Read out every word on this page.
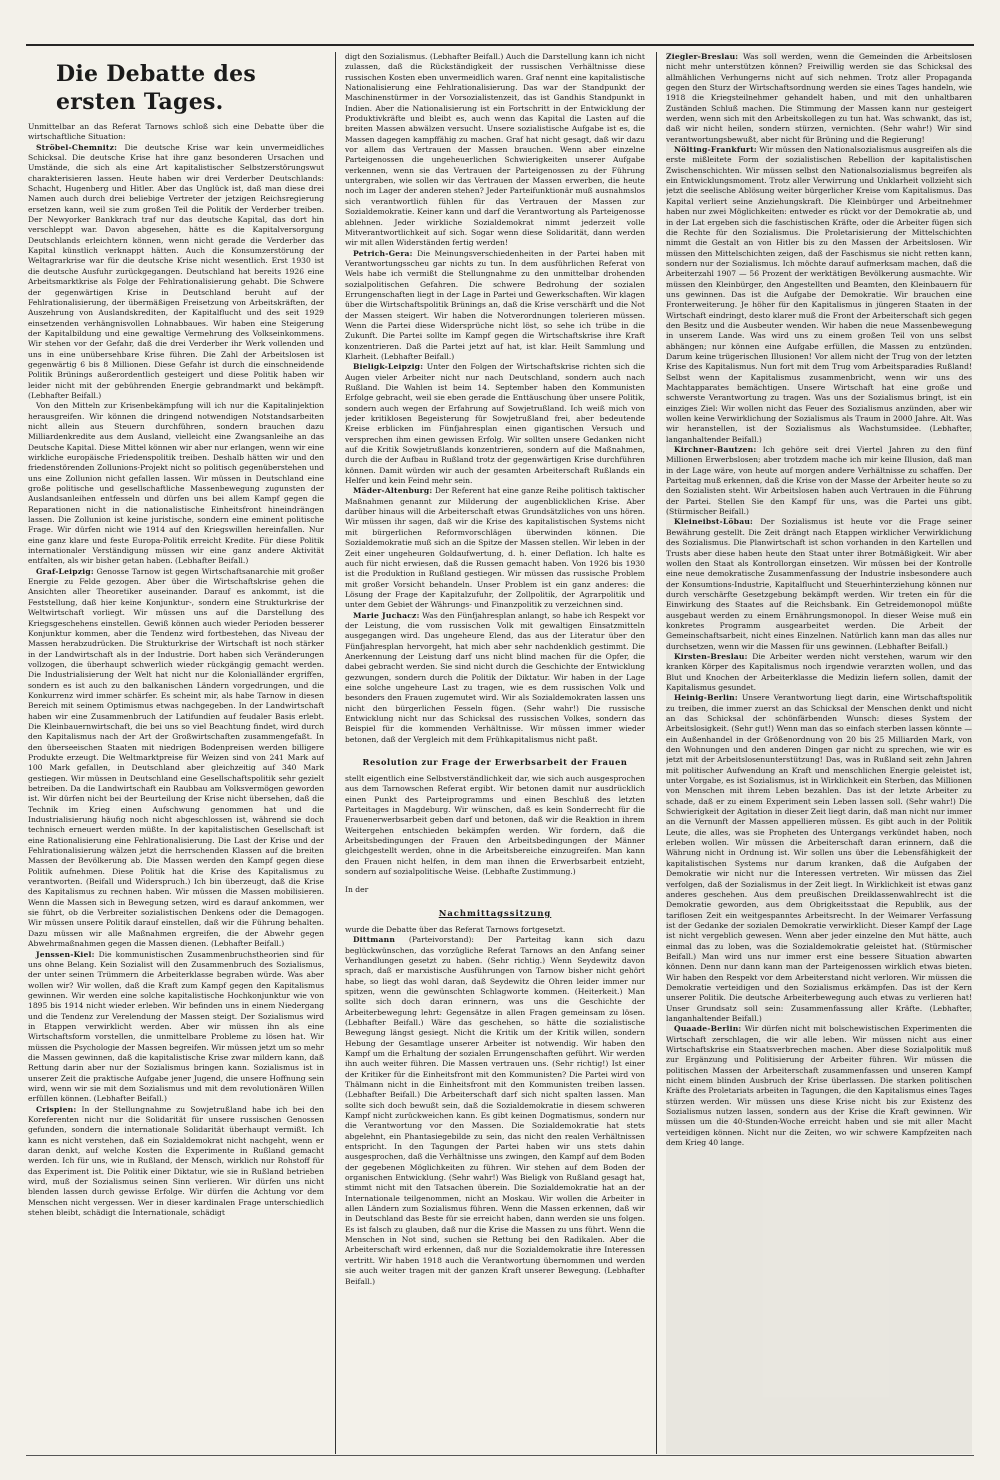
Die Debatte des ersten Tages.

Unmittelbar an das Referat Tarnows schloß sich eine Debatte über die wirtschaftliche Situation:

Ströbel-Chemnitz: Die deutsche Krise war kein unvermeidliches Schicksal. Die deutsche Krise hat ihre ganz besonderen Ursachen und Umstände, die sich als eine Art kapitalistischer Selbstzerstörungswut charakterisieren lassen. Heute haben wir drei Verderber Deutschlands: Schacht, Hugenberg und Hitler. Aber das Unglück ist, daß man diese drei Namen auch durch drei beliebige Vertreter der jetzigen Reichsregierung ersetzen kann, weil sie zum großen Teil die Politik der Verderber treiben. Der Newyorker Bankkrach traf nur das deutsche Kapital, das dort hin verschleppt war. Davon abgesehen, hätte es die Kapitalversorgung Deutschlands erleichtern können, wenn nicht gerade die Verderber das Kapital künstlich verknappt hätten. Auch die Konsumzerstörung der Weltagrarkrise war für die deutsche Krise nicht wesentlich. Erst 1930 ist die deutsche Ausfuhr zurückgegangen. Deutschland hat bereits 1926 eine Arbeitsmarktkrise als Folge der Fehlrationalisierung gehabt. Die Schwere der gegenwärtigen Krise in Deutschland beruht auf der Fehlrationalisierung, der übermäßigen Freisetzung von Arbeitskräften, der Auszehrung von Auslandskrediten, der Kapitalflucht und des seit 1929 einsetzenden verhängnisvollen Lohnabbaues. Wir haben eine Steigerung der Kapitalbildung und eine gewaltige Vermehrung des Volkseinkommens. Wir stehen vor der Gefahr, daß die drei Verderber ihr Werk vollenden und uns in eine unübersehbare Krise führen. Die Zahl der Arbeitslosen ist gegenwärtig 6 bis 8 Millionen. Diese Gefahr ist durch die einschneidende Politik Brünings außerordentlich gesteigert und diese Politik haben wir leider nicht mit der gebührenden Energie gebrandmarkt und bekämpft. (Lebhafter Beifall.)

Von den Mitteln zur Krisenbekämpfung will ich nur die Kapitalinjektion herausgreifen. Wir können die dringend notwendigen Notstandsarbeiten nicht allein aus Steuern durchführen, sondern brauchen dazu Milliardenkredite aus dem Ausland, vielleicht eine Zwangsanleihe an das Deutsche Kapital. Diese Mittel können wir aber nur erlangen, wenn wir eine wirkliche europäische Friedenspolitik treiben. Deshalb hätten wir und den friedenstörenden Zollunions-Projekt nicht so politisch gegenüberstehen und uns eine Zollunion nicht gefallen lassen. Wir müssen in Deutschland eine große politische und gesellschaftliche Massenbewegung zugunsten der Auslandsanleihen entfesseln und dürfen uns bei allem Kampf gegen die Reparationen nicht in die nationalistische Einheitsfront hineindrängen lassen. Die Zollunion ist keine juristische, sondern eine eminent politische Frage. Wir dürfen nicht wie 1914 auf den Kriegswillen hereinfallen. Nur eine ganz klare und feste Europa-Politik erreicht Kredite. Für diese Politik internationaler Verständigung müssen wir eine ganz andere Aktivität entfalten, als wir bisher getan haben. (Lebhafter Beifall.)

Graf-Leipzig: Genosse Tarnow ist gegen Wirtschaftsanarchie mit großer Energie zu Felde gezogen. Aber über die Wirtschaftskrise gehen die Ansichten aller Theoretiker auseinander. Darauf es ankommt, ist die Feststellung, daß hier keine Konjunktur-, sondern eine Strukturkrise der Weltwirtschaft vorliegt. Wir müssen uns auf die Darstellung des Kriegsgeschehens einstellen. Gewiß können auch wieder Perioden besserer Konjunktur kommen, aber die Tendenz wird fortbestehen, das Niveau der Massen herabzudrücken. Die Strukturkrise der Wirtschaft ist noch stärker in der Landwirtschaft als in der Industrie. Dort haben sich Veränderungen vollzogen, die überhaupt schwerlich wieder rückgängig gemacht werden. Die Industrialisierung der Welt hat nicht nur die Kolonialländer ergriffen, sondern es ist auch zu den balkanischen Ländern vorgedrungen, und die Konkurrenz wird immer schärfer. Es scheint mir, als habe Tarnow in diesen Bereich mit seinem Optimismus etwas nachgegeben. In der Landwirtschaft haben wir eine Zusammenbruch der Latifundien auf feudaler Basis erlebt. Die Kleinbauernwirtschaft, die bei uns so viel Beachtung findet, wird durch den Kapitalismus nach der Art der Großwirtschaften zusammengefaßt. In den überseeischen Staaten mit niedrigen Bodenpreisen werden billigere Produkte erzeugt. Die Weltmarktpreise für Weizen sind von 241 Mark auf 100 Mark gefallen, in Deutschland aber gleichzeitig auf 340 Mark gestiegen. Wir müssen in Deutschland eine Gesellschaftspolitik sehr gezielt betreiben. Da die Landwirtschaft ein Raubbau am Volksvermögen geworden ist. Wir dürfen nicht bei der Beurteilung der Krise nicht übersehen, daß die Technik im Krieg einen Aufschwung genommen hat und die Industrialisierung häufig noch nicht abgeschlossen ist, während sie doch technisch erneuert werden müßte. In der kapitalistischen Gesellschaft ist eine Rationalisierung eine Fehlrationalisierung. Die Last der Krise und der Fehlrationalisierung wälzen jetzt die herrschenden Klassen auf die breiten Massen der Bevölkerung ab. Die Massen werden den Kampf gegen diese Politik aufnehmen. Diese Politik hat die Krise des Kapitalismus zu verantworten. (Beifall und Widerspruch.) Ich bin überzeugt, daß die Krise des Kapitalismus zu rechnen haben. Wir müssen die Massen mobilisieren. Wenn die Massen sich in Bewegung setzen, wird es darauf ankommen, wer sie führt, ob die Verbreiter sozialistischen Denkens oder die Demagogen. Wir müssen unsere Politik darauf einstellen, daß wir die Führung behalten. Dazu müssen wir alle Maßnahmen ergreifen, die der Abwehr gegen Abwehrmaßnahmen gegen die Massen dienen. (Lebhafter Beifall.)

Jenssen-Kiel: Die kommunistischen Zusammenbruchstheorien sind für uns ohne Belang. Kein Sozialist will den Zusammenbruch des Sozialismus, der unter seinen Trümmern die Arbeiterklasse begraben würde. Was aber wollen wir? Wir wollen, daß die Kraft zum Kampf gegen den Kapitalismus gewinnen. Wir werden eine solche kapitalistische Hochkonjunktur wie von 1895 bis 1914 nicht wieder erleben. Wir befinden uns in einem Niedergang und die Tendenz zur Verelendung der Massen steigt. Der Sozialismus wird in Etappen verwirklicht werden. Aber wir müssen ihn als eine Wirtschaftsform vorstellen, die unmittelbare Probleme zu lösen hat. Wir müssen die Psychologie der Massen begreifen. Wir müssen jetzt um so mehr die Massen gewinnen, daß die kapitalistische Krise zwar mildern kann, daß Rettung darin aber nur der Sozialismus bringen kann. Sozialismus ist in unserer Zeit die praktische Aufgabe jener Jugend, die unsere Hoffnung sein wird, wenn wir sie mit dem Sozialismus und mit dem revolutionären Willen erfüllen können. (Lebhafter Beifall.)

Crispien: In der Stellungnahme zu Sowjetrußland habe ich bei den Koreferenten nicht nur die Solidarität für unsere russischen Genossen gefunden, sondern die internationale Solidarität überhaupt vermißt. Ich kann es nicht verstehen, daß ein Sozialdemokrat nicht nachgeht, wenn er daran denkt, auf welche Kosten die Experimente in Rußland gemacht werden. Ich für uns, wie in Rußland, der Mensch, wirklich nur Rohstoff für das Experiment ist. Die Politik einer Diktatur, wie sie in Rußland betrieben wird, muß der Sozialismus seinen Sinn verlieren. Wir dürfen uns nicht blenden lassen durch gewisse Erfolge. Wir dürfen die Achtung vor dem Menschen nicht vergessen. Wer in dieser kardinalen Frage unterschiedlich stehen bleibt, schädigt die Internationale, schädigt

digt den Sozialismus. (Lebhafter Beifall.) Auch die Darstellung kann ich nicht zulassen, daß die Rückständigkeit der russischen Verhältnisse diese russischen Kosten eben unvermeidlich waren. Graf nennt eine kapitalistische Nationalisierung eine Fehlrationalisierung. Das war der Standpunkt der Maschinenstürmer in der Vorsozialistenzeit, das ist Gandhis Standpunkt in Indien. Aber die Nationalisierung ist ein Fortschritt in der Entwicklung der Produktivkräfte und bleibt es, auch wenn das Kapital die Lasten auf die breiten Massen abwälzen versucht. Unsere sozialistische Aufgabe ist es, die Massen dagegen kampffähig zu machen. Graf hat nicht gesagt, daß wir dazu vor allem das Vertrauen der Massen brauchen. Wenn aber einzelne Parteigenossen die ungeheuerlichen Schwierigkeiten unserer Aufgabe verkennen, wenn sie das Vertrauen der Parteigenossen zu der Führung untergraben, wie sollen wir das Vertrauen der Massen erwerben, die heute noch im Lager der anderen stehen? Jeder Parteifunktionär muß ausnahmslos sich verantwortlich fühlen für das Vertrauen der Massen zur Sozialdemokratie. Keiner kann und darf die Verantwortung als Parteigenosse ablehnen. Jeder wirkliche Sozialdemokrat nimmt jederzeit volle Mitverantwortlichkeit auf sich. Sogar wenn diese Solidarität, dann werden wir mit allen Widerständen fertig werden!

Petrich-Gera: Die Meinungsverschiedenheiten in der Partei haben mit Verantwortungsscheu gar nichts zu tun. In dem ausführlichen Referat von Wels habe ich vermißt die Stellungnahme zu den unmittelbar drohenden sozialpolitischen Gefahren. Die schwere Bedrohung der sozialen Errungenschaften liegt in der Lage in Partei und Gewerkschaften. Wir klagen über die Wirtschaftspolitik Brünings an, daß die Krise verschärft und die Not der Massen steigert. Wir haben die Notverordnungen tolerieren müssen. Wenn die Partei diese Widersprüche nicht löst, so sehe ich trübe in die Zukunft. Die Partei sollte im Kampf gegen die Wirtschaftskrise ihre Kraft konzentrieren. Daß die Partei jetzt auf hat, ist klar. Heilt Sammlung und Klarheit. (Lebhafter Beifall.)

Bieligk-Leipzig: Unter den Folgen der Wirtschaftskrise richten sich die Augen vieler Arbeiter nicht nur nach Deutschland, sondern auch nach Rußland. Die Wahlen ist beim 14. September haben den Kommunisten Erfolge gebracht, weil sie eben gerade die Enttäuschung über unsere Politik, sondern auch wegen der Erfahrung auf Sowjetrußland. Ich weiß mich von jeder kritiklosen Begeisterung für Sowjetrußland frei, aber bedeutende Kreise erblicken im Fünfjahresplan einen gigantischen Versuch und versprechen ihm einen gewissen Erfolg. Wir sollten unsere Gedanken nicht auf die Kritik Sowjetrußlands konzentrieren, sondern auf die Maßnahmen, durch die der Aufbau in Rußland trotz der gegenwärtigen Krise durchführen können. Damit würden wir auch der gesamten Arbeiterschaft Rußlands ein Helfer und kein Feind mehr sein.

Mäder-Altenburg: Der Referent hat eine ganze Reihe politisch taktischer Maßnahmen genannt zur Milderung der augenblicklichen Krise. Aber darüber hinaus will die Arbeiterschaft etwas Grundsätzliches von uns hören. Wir müssen ihr sagen, daß wir die Krise des kapitalistischen Systems nicht mit bürgerlichen Reformvorschlägen überwinden können. Die Sozialdemokratie muß sich an die Spitze der Massen stellen. Wir leben in der Zeit einer ungeheuren Goldaufwertung, d. h. einer Deflation. Ich halte es auch für nicht erwiesen, daß die Russen gemacht haben. Von 1926 bis 1930 ist die Produktion in Rußland gestiegen. Wir müssen das russische Problem mit großer Vorsicht behandeln. Unser Problem ist ein ganz anderes: die Lösung der Frage der Kapitalzufuhr, der Zollpolitik, der Agrarpolitik und unter dem Gebiet der Währungs- und Finanzpolitik zu verzeichnen sind.

Marie Juchacz: Was den Fünfjahresplan anlangt, so habe ich Respekt vor der Leistung, die vom russischen Volk mit gewaltigen Einsatzmitteln ausgegangen wird. Das ungeheure Elend, das aus der Literatur über den Fünfjahresplan hervorgeht, hat mich aber sehr nachdenklich gestimmt. Die Anerkennung der Leistung darf uns nicht blind machen für die Opfer, die dabei gebracht werden. Sie sind nicht durch die Geschichte der Entwicklung gezwungen, sondern durch die Politik der Diktatur. Wir haben in der Lage eine solche ungeheure Last zu tragen, wie es dem russischen Volk und besonders den Frauen zugemutet wird. Wir als Sozialdemokraten lassen uns nicht den bürgerlichen Fesseln fügen. (Sehr wahr!) Die russische Entwicklung nicht nur das Schicksal des russischen Volkes, sondern das Beispiel für die kommenden Verhältnisse. Wir müssen immer wieder betonen, daß der Vergleich mit dem Frühkapitalismus nicht paßt.

Resolution zur Frage der Erwerbsarbeit der Frauen

stellt eigentlich eine Selbstverständlichkeit dar, wie sich auch ausgesprochen aus dem Tarnowschen Referat ergibt. Wir betonen damit nur ausdrücklich einen Punkt des Parteiprogramms und einen Beschluß des letzten Parteitages in Magdeburg. Wir wünschen, daß es kein Sonderrecht für die Frauenerwerbsarbeit geben darf und betonen, daß wir die Reaktion in ihrem Weitergehen entschieden bekämpfen werden. Wir fordern, daß die Arbeitsbedingungen der Frauen den Arbeitsbedingungen der Männer gleichgestellt werden, ohne in die Arbeitsbereiche einzugreifen. Man kann den Frauen nicht helfen, in dem man ihnen die Erwerbsarbeit entzieht, sondern auf sozialpolitische Weise. (Lebhafte Zustimmung.)

In der

Nachmittagssitzung

wurde die Debatte über das Referat Tarnows fortgesetzt.

Dittmann (Parteivorstand): Der Parteitag kann sich dazu beglückwünschen, das vorzügliche Referat Tarnows an den Anfang seiner Verhandlungen gesetzt zu haben. (Sehr richtig.) Wenn Seydewitz davon sprach, daß er marxistische Ausführungen von Tarnow bisher nicht gehört habe, so liegt das wohl daran, daß Seydewitz die Ohren leider immer nur spitzen, wenn die gewünschten Schlagworte kommen. (Heiterkeit.) Man sollte sich doch daran erinnern, was uns die Geschichte der Arbeiterbewegung lehrt: Gegensätze in allen Fragen gemeinsam zu lösen. (Lebhafter Beifall.) Wäre das geschehen, so hätte die sozialistische Bewegung längst gesiegt. Nicht die Kritik um der Kritik willen, sondern Hebung der Gesamtlage unserer Arbeiter ist notwendig. Wir haben den Kampf um die Erhaltung der sozialen Errungenschaften geführt. Wir werden ihn auch weiter führen. Die Massen vertrauen uns. (Sehr richtig!) Ist einer der Kritiker für die Einheitsfront mit den Kommunisten? Die Partei wird von Thälmann nicht in die Einheitsfront mit den Kommunisten treiben lassen. (Lebhafter Beifall.) Die Arbeiterschaft darf sich nicht spalten lassen. Man sollte sich doch bewußt sein, daß die Sozialdemokratie in diesem schweren Kampf nicht zurückweichen kann. Es gibt keinen Dogmatismus, sondern nur die Verantwortung vor den Massen. Die Sozialdemokratie hat stets abgelehnt, ein Phantasiegebilde zu sein, das nicht den realen Verhältnissen entspricht. In den Tagungen der Partei haben wir uns stets dahin ausgesprochen, daß die Verhältnisse uns zwingen, den Kampf auf dem Boden der gegebenen Möglichkeiten zu führen. Wir stehen auf dem Boden der organischen Entwicklung. (Sehr wahr!) Was Bieligk von Rußland gesagt hat, stimmt nicht mit den Tatsachen überein. Die Sozialdemokratie hat an der Internationale teilgenommen, nicht an Moskau. Wir wollen die Arbeiter in allen Ländern zum Sozialismus führen. Wenn die Massen erkennen, daß wir in Deutschland das Beste für sie erreicht haben, dann werden sie uns folgen. Es ist falsch zu glauben, daß nur die Krise die Massen zu uns führt. Wenn die Menschen in Not sind, suchen sie Rettung bei den Radikalen. Aber die Arbeiterschaft wird erkennen, daß nur die Sozialdemokratie ihre Interessen vertritt. Wir haben 1918 auch die Verantwortung übernommen und werden sie auch weiter tragen mit der ganzen Kraft unserer Bewegung. (Lebhafter Beifall.)

Ziegler-Breslau: Was soll werden, wenn die Gemeinden die Arbeitslosen nicht mehr unterstützen können? Freiwillig werden sie das Schicksal des allmählichen Verhungerns nicht auf sich nehmen. Trotz aller Propaganda gegen den Sturz der Wirtschaftsordnung werden sie eines Tages handeln, wie 1918 die Kriegsteilnehmer gehandelt haben, und mit den unhaltbaren Zuständen Schluß machen. Die Stimmung der Massen kann nur gesteigert werden, wenn sich mit den Arbeitskollegen zu tun hat. Was schwankt, das ist, daß wir nicht heilen, sondern stürzen, vernichten. (Sehr wahr!) Wir sind verantwortungsbewußt, aber nicht für Brüning und die Regierung!

Nölting-Frankfurt: Wir müssen den Nationalsozialismus ausgreifen als die erste mißleitete Form der sozialistischen Rebellion der kapitalistischen Zwischenschichten. Wir müssen selbst den Nationalsozialismus begreifen als ein Entwicklungsmoment. Trotz aller Verwirrung und Unklarheit vollzieht sich jetzt die seelische Ablösung weiter bürgerlicher Kreise vom Kapitalismus. Das Kapital verliert seine Anziehungskraft. Die Kleinbürger und Arbeitnehmer haben nur zwei Möglichkeiten: entweder es rückt vor der Demokratie ab, und in der Lat ergeben sich die faschistischen Kräfte, oder die Arbeiter fügen sich die Rechte für den Sozialismus. Die Proletarisierung der Mittelschichten nimmt die Gestalt an von Hitler bis zu den Massen der Arbeitslosen. Wir müssen den Mittelschichten zeigen, daß der Faschismus sie nicht retten kann, sondern nur der Sozialismus. Ich möchte darauf aufmerksam machen, daß die Arbeiterzahl 1907 — 56 Prozent der werktätigen Bevölkerung ausmachte. Wir müssen den Kleinbürger, den Angestellten und Beamten, den Kleinbauern für uns gewinnen. Das ist die Aufgabe der Demokratie. Wir brauchen eine Fronterweiterung. Je höher für den Kapitalismus in jüngeren Staaten in der Wirtschaft eindringt, desto klarer muß die Front der Arbeiterschaft sich gegen den Besitz und die Ausbeuter wenden. Wir haben die neue Massenbewegung in unserem Lande. Was wird uns zu einem großen Teil von uns selbst abhängen; nur können eine Aufgabe erfüllen, die Massen zu entzünden. Darum keine trügerischen Illusionen! Vor allem nicht der Trug von der letzten Krise des Kapitalismus. Nun fort mit dem Trug vom Arbeitsparadies Rußland! Selbst wenn der Kapitalismus zusammenbricht, wenn wir uns des Machtapparates bemächtigen. Unsere Wirtschaft hat eine große und schwerste Verantwortung zu tragen. Was uns der Sozialismus bringt, ist ein einziges Ziel: Wir wollen nicht das Feuer des Sozialismus anzünden, aber wir wollen keine Verwirklichung der Sozialismus als Traum in 2000 Jahre. Alt. Was wir heranstellen, ist der Sozialismus als Wachstumsidee. (Lebhafter, langanhaltender Beifall.)

Kirchner-Bautzen: Ich gehöre seit drei Viertel Jahren zu den fünf Millionen Erwerbslosen; aber trotzdem mache ich mir keine Illusion, daß man in der Lage wäre, von heute auf morgen andere Verhältnisse zu schaffen. Der Parteitag muß erkennen, daß die Krise von der Masse der Arbeiter heute so zu den Sozialisten steht. Wir Arbeitslosen haben auch Vertrauen in die Führung der Partei. Stellen Sie den Kampf für uns, was die Partei uns gibt. (Stürmischer Beifall.)

Kleineibst-Löbau: Der Sozialismus ist heute vor die Frage seiner Bewährung gestellt. Die Zeit drängt nach Etappen wirklicher Verwirklichung des Sozialismus. Die Planwirtschaft ist schon vorhanden in den Kartellen und Trusts aber diese haben heute den Staat unter ihrer Botmäßigkeit. Wir aber wollen den Staat als Kontrollorgan einsetzen. Wir müssen bei der Kontrolle eine neue demokratische Zusammenfassung der Industrie insbesondere auch der Konsumtions-Industrie, Kapitalflucht und Steuerhinterziehung können nur durch verschärfte Gesetzgebung bekämpft werden. Wir treten ein für die Einwirkung des Staates auf die Reichsbank. Ein Getreidemonopol müßte ausgebaut werden zu einem Ernährungsmonopol. In dieser Weise muß ein konkretes Programm ausgearbeitet werden. Die Arbeit der Gemeinschaftsarbeit, nicht eines Einzelnen. Natürlich kann man das alles nur durchsetzen, wenn wir die Massen für uns gewinnen. (Lebhafter Beifall.)

Kirsten-Breslau: Die Arbeiter werden nicht verstehen, warum wir den kranken Körper des Kapitalismus noch irgendwie verarzten wollen, und das Blut und Knochen der Arbeiterklasse die Medizin liefern sollen, damit der Kapitalismus gesundet.

Heinig-Berlin: Unsere Verantwortung liegt darin, eine Wirtschaftspolitik zu treiben, die immer zuerst an das Schicksal der Menschen denkt und nicht an das Schicksal der schönfärbenden Wunsch: dieses System der Arbeitslosigkeit. (Sehr gut!) Wenn man das so einfach sterben lassen könnte — ein Außenhandel in der Größenordnung von 20 bis 25 Milliarden Mark, von den Wohnungen und den anderen Dingen gar nicht zu sprechen, wie wir es jetzt mit der Arbeitslosenunterstützung! Das, was in Rußland seit zehn Jahren mit politischer Aufwendung an Kraft und menschlichen Energie geleistet ist, unter Vorgabe, es ist Sozialismus, ist in Wirklichkeit ein Sterben, das Millionen von Menschen mit ihrem Leben bezahlen. Das ist der letzte Arbeiter zu schade, daß er zu einem Experiment sein Leben lassen soll. (Sehr wahr!) Die Schwierigkeit der Agitation in dieser Zeit liegt darin, daß man nicht nur immer an die Vernunft der Massen appellieren müssen. Es gibt auch in der Politik Leute, die alles, was sie Propheten des Untergangs verkündet haben, noch erleben wollen. Wir müssen die Arbeiterschaft daran erinnern, daß die Währung nicht in Ordnung ist. Wir sollen uns über die Lebensfähigkeit der kapitalistischen Systems nur darum kranken, daß die Aufgaben der Demokratie wir nicht nur die Interessen vertreten. Wir müssen das Ziel verfolgen, daß der Sozialismus in der Zeit liegt. In Wirklichkeit ist etwas ganz anderes geschehen. Aus dem preußischen Dreiklassenwahlrecht ist die Demokratie geworden, aus dem Obrigkeitsstaat die Republik, aus der tariflosen Zeit ein weitgespanntes Arbeitsrecht. In der Weimarer Verfassung ist der Gedanke der sozialen Demokratie verwirklicht. Dieser Kampf der Lage ist nicht vergeblich gewesen. Wenn aber jeder einzelne den Mut hätte, auch einmal das zu loben, was die Sozialdemokratie geleistet hat. (Stürmischer Beifall.) Man wird uns nur immer erst eine bessere Situation abwarten können. Denn nur dann kann man der Parteigenossen wirklich etwas bieten. Wir haben den Respekt vor dem Arbeiterstand nicht verloren. Wir müssen die Demokratie verteidigen und den Sozialismus erkämpfen. Das ist der Kern unserer Politik. Die deutsche Arbeiterbewegung auch etwas zu verlieren hat! Unser Grundsatz soll sein: Zusammenfassung aller Kräfte. (Lebhafter, langanhaltender Beifall.)

Quaade-Berlin: Wir dürfen nicht mit bolschewistischen Experimenten die Wirtschaft zerschlagen, die wir alle leben. Wir müssen nicht aus einer Wirtschaftskrise ein Staatsverbrechen machen. Aber diese Sozialpolitik muß zur Ergänzung und Politisierung der Arbeiter führen. Wir müssen die politischen Massen der Arbeiterschaft zusammenfassen und unseren Kampf nicht einem blinden Ausbruch der Krise überlassen. Die starken politischen Kräfte des Proletariats arbeiten in Tagungen, die den Kapitalismus eines Tages stürzen werden. Wir müssen uns diese Krise nicht bis zur Existenz des Sozialismus nutzen lassen, sondern aus der Krise die Kraft gewinnen. Wir müssen um die 40-Stunden-Woche erreicht haben und sie mit aller Macht verteidigen können. Nicht nur die Zeiten, wo wir schwere Kampfzeiten nach dem Krieg 40 lange.
